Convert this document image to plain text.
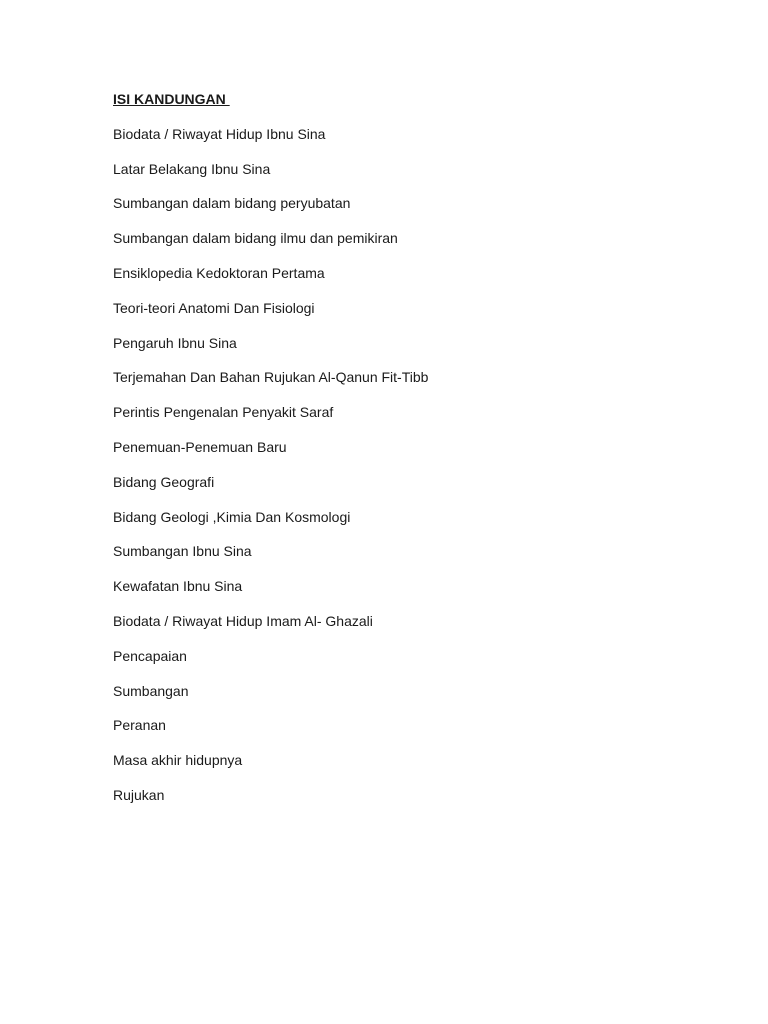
ISI KANDUNGAN
Biodata / Riwayat Hidup Ibnu Sina
Latar Belakang Ibnu Sina
Sumbangan dalam bidang peryubatan
Sumbangan dalam bidang ilmu dan pemikiran
Ensiklopedia Kedoktoran Pertama
Teori-teori Anatomi Dan Fisiologi
Pengaruh Ibnu Sina
Terjemahan Dan Bahan Rujukan Al-Qanun Fit-Tibb
Perintis Pengenalan Penyakit Saraf
Penemuan-Penemuan Baru
Bidang Geografi
Bidang Geologi ,Kimia Dan Kosmologi
Sumbangan Ibnu Sina
Kewafatan Ibnu Sina
Biodata / Riwayat Hidup Imam Al- Ghazali
Pencapaian
Sumbangan
Peranan
Masa akhir hidupnya
Rujukan
